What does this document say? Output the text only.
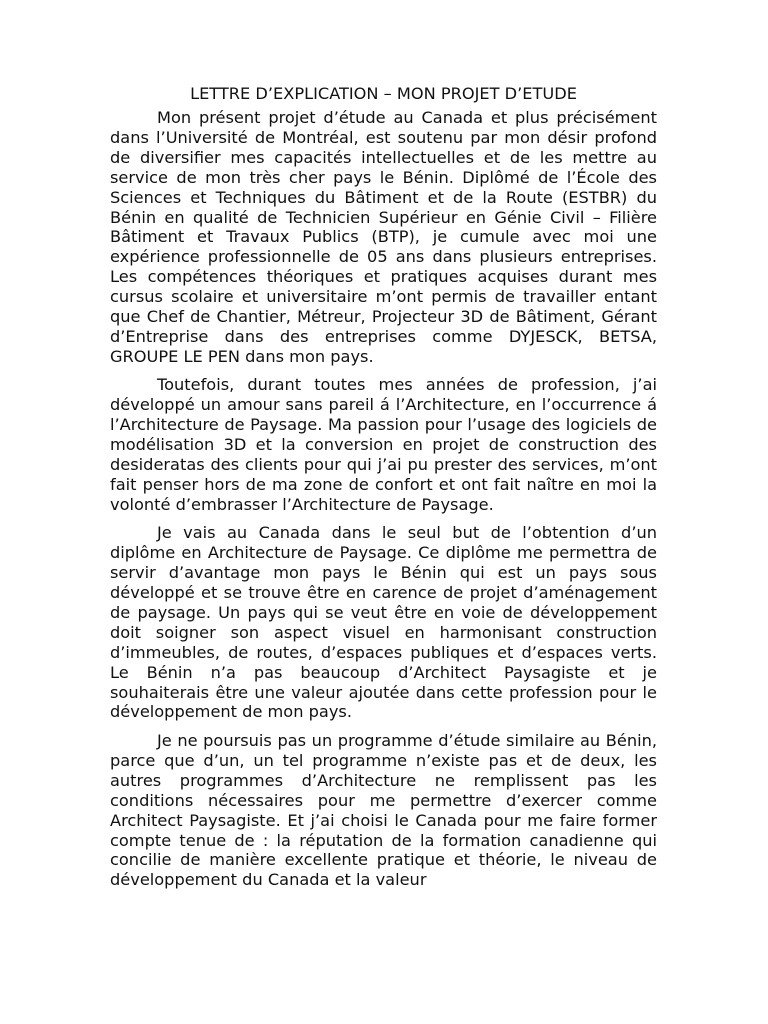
LETTRE D’EXPLICATION – MON PROJET D’ETUDE

Mon présent projet d’étude au Canada et plus précisément dans l’Université de Montréal, est soutenu par mon désir profond de diversifier mes capacités intellectuelles et de les mettre au service de mon très cher pays le Bénin. Diplômé de l’École des Sciences et Techniques du Bâtiment et de la Route (ESTBR) du Bénin en qualité de Technicien Supérieur en Génie Civil – Filière Bâtiment et Travaux Publics (BTP), je cumule avec moi une expérience professionnelle de 05 ans dans plusieurs entreprises. Les compétences théoriques et pratiques acquises durant mes cursus scolaire et universitaire m’ont permis de travailler entant que Chef de Chantier, Métreur, Projecteur 3D de Bâtiment, Gérant d’Entreprise dans des entreprises comme DYJESCK, BETSA, GROUPE LE PEN dans mon pays.

Toutefois, durant toutes mes années de profession, j’ai développé un amour sans pareil á l’Architecture, en l’occurrence á l’Architecture de Paysage. Ma passion pour l’usage des logiciels de modélisation 3D et la conversion en projet de construction des desideratas des clients pour qui j’ai pu prester des services, m’ont fait penser hors de ma zone de confort et ont fait naître en moi la volonté d’embrasser l’Architecture de Paysage.

Je vais au Canada dans le seul but de l’obtention d’un diplôme en Architecture de Paysage. Ce diplôme me permettra de servir d’avantage mon pays le Bénin qui est un pays sous développé et se trouve être en carence de projet d’aménagement de paysage. Un pays qui se veut être en voie de développement doit soigner son aspect visuel en harmonisant construction d’immeubles, de routes, d’espaces publiques et d’espaces verts. Le Bénin n’a pas beaucoup d’Architect Paysagiste et je souhaiterais être une valeur ajoutée dans cette profession pour le développement de mon pays.

Je ne poursuis pas un programme d’étude similaire au Bénin, parce que d’un, un tel programme n’existe pas et de deux, les autres programmes d’Architecture ne remplissent pas les conditions nécessaires pour me permettre d’exercer comme Architect Paysagiste. Et j’ai choisi le Canada pour me faire former compte tenue de : la réputation de la formation canadienne qui concilie de manière excellente pratique et théorie, le niveau de développement du Canada et la valeur
